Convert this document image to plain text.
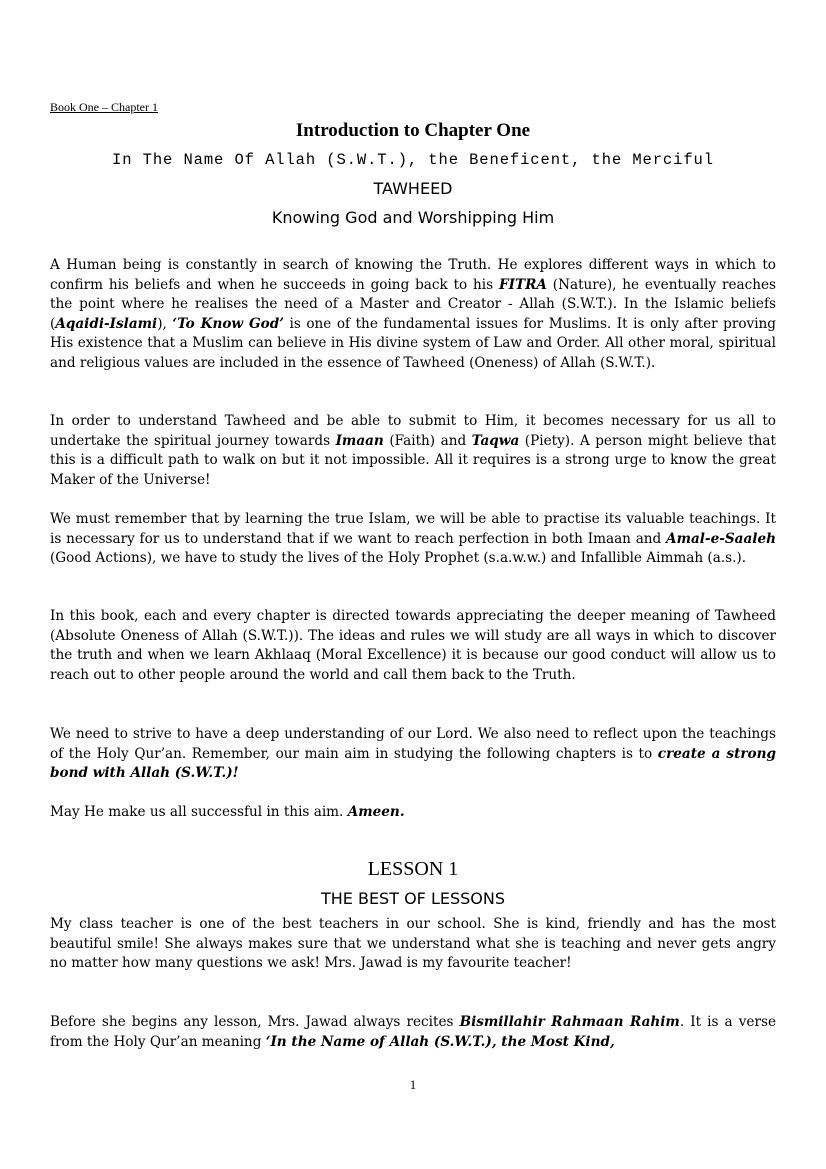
Book One – Chapter 1
Introduction to Chapter One
In The Name Of Allah (S.W.T.), the Beneficent, the Merciful
TAWHEED
Knowing God and Worshipping Him

A Human being is constantly in search of knowing the Truth. He explores different ways in which to confirm his beliefs and when he succeeds in going back to his FITRA (Nature), he eventually reaches the point where he realises the need of a Master and Creator - Allah (S.W.T.). In the Islamic beliefs (Aqaidi-Islami), ‘To Know God’ is one of the fundamental issues for Muslims. It is only after proving His existence that a Muslim can believe in His divine system of Law and Order. All other moral, spiritual and religious values are included in the essence of Tawheed (Oneness) of Allah (S.W.T.).

In order to understand Tawheed and be able to submit to Him, it becomes necessary for us all to undertake the spiritual journey towards Imaan (Faith) and Taqwa (Piety). A person might believe that this is a difficult path to walk on but it not impossible. All it requires is a strong urge to know the great Maker of the Universe!

We must remember that by learning the true Islam, we will be able to practise its valuable teachings. It is necessary for us to understand that if we want to reach perfection in both Imaan and Amal-e-Saaleh (Good Actions), we have to study the lives of the Holy Prophet (s.a.w.w.) and Infallible Aimmah (a.s.).

In this book, each and every chapter is directed towards appreciating the deeper meaning of Tawheed (Absolute Oneness of Allah (S.W.T.)). The ideas and rules we will study are all ways in which to discover the truth and when we learn Akhlaaq (Moral Excellence) it is because our good conduct will allow us to reach out to other people around the world and call them back to the Truth.

We need to strive to have a deep understanding of our Lord. We also need to reflect upon the teachings of the Holy Qur’an. Remember, our main aim in studying the following chapters is to create a strong bond with Allah (S.W.T.)!

May He make us all successful in this aim. Ameen.

LESSON 1
THE BEST OF LESSONS

My class teacher is one of the best teachers in our school. She is kind, friendly and has the most beautiful smile! She always makes sure that we understand what she is teaching and never gets angry no matter how many questions we ask! Mrs. Jawad is my favourite teacher!

Before she begins any lesson, Mrs. Jawad always recites Bismillahir Rahmaan Rahim. It is a verse from the Holy Qur’an meaning ‘In the Name of Allah (S.W.T.), the Most Kind,

1
